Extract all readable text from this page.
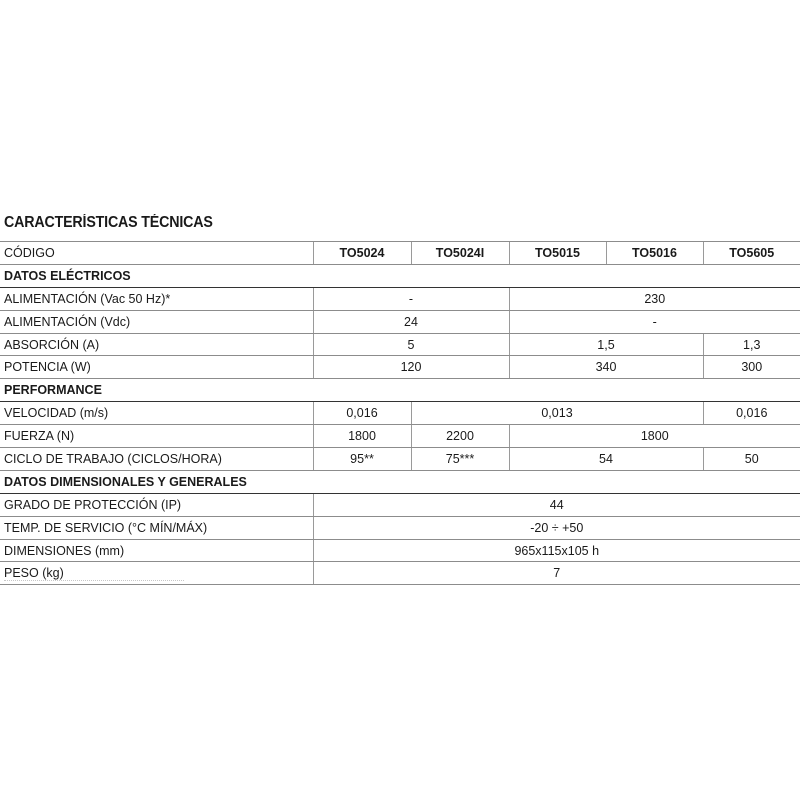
CARACTERÍSTICAS TÉCNICAS
CÓDIGO	TO5024	TO5024I	TO5015	TO5016	TO5605
DATOS ELÉCTRICOS					
ALIMENTACIÓN (Vac 50 Hz)*	-		230		
ALIMENTACIÓN (Vdc)	24		-		
ABSORCIÓN (A)	5		1,5		1,3
POTENCIA (W)	120		340		300
PERFORMANCE					
VELOCIDAD (m/s)	0,016	0,013			0,016
FUERZA (N)	1800	2200	1800		
CICLO DE TRABAJO (CICLOS/HORA)	95**	75***	54		50
DATOS DIMENSIONALES Y GENERALES					
GRADO DE PROTECCIÓN (IP)	44				
TEMP. DE SERVICIO (°C MÍN/MÁX)	-20 ÷ +50				
DIMENSIONES (mm)	965x115x105 h				
PESO (kg)	7				
